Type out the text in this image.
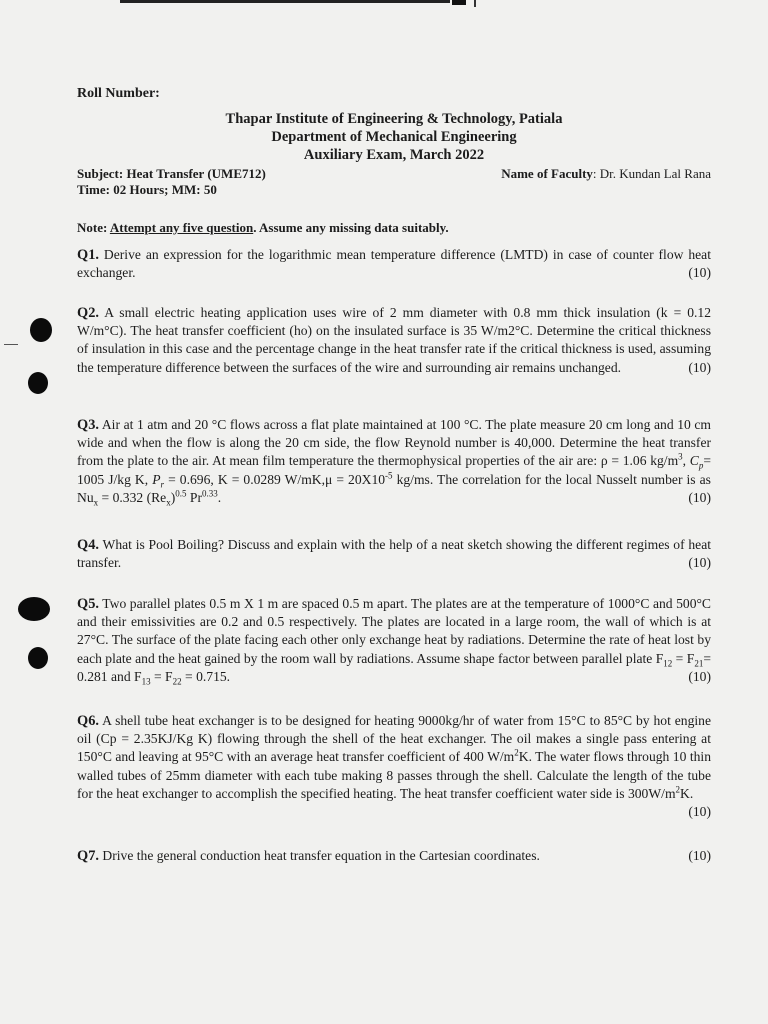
Roll Number:

Thapar Institute of Engineering & Technology, Patiala
Department of Mechanical Engineering
Auxiliary Exam, March 2022
Subject: Heat Transfer (UME712)	Name of Faculty: Dr. Kundan Lal Rana
Time: 02 Hours; MM: 50
Note: Attempt any five question. Assume any missing data suitably.

Q1. Derive an expression for the logarithmic mean temperature difference (LMTD) in case of counter flow heat exchanger.	(10)

Q2. A small electric heating application uses wire of 2 mm diameter with 0.8 mm thick insulation (k = 0.12 W/m°C). The heat transfer coefficient (ho) on the insulated surface is 35 W/m2°C. Determine the critical thickness of insulation in this case and the percentage change in the heat transfer rate if the critical thickness is used, assuming the temperature difference between the surfaces of the wire and surrounding air remains unchanged.	(10)

Q3. Air at 1 atm and 20 °C flows across a flat plate maintained at 100 °C. The plate measure 20 cm long and 10 cm wide and when the flow is along the 20 cm side, the flow Reynold number is 40,000. Determine the heat transfer from the plate to the air. At mean film temperature the thermophysical properties of the air are: ρ = 1.06 $kg/m^3$, $C_p= 1005$ J/kg K, $P_r = 0.696$, K = 0.0289 $W/mK,\mu = 20X10^{-5}$ kg/ms. The correlation for the local Nusselt number is as $Nu_x = 0.332$ $(Re_x)^{0.5}$ $Pr^{0.33}$.	(10)

Q4. What is Pool Boiling? Discuss and explain with the help of a neat sketch showing the different regimes of heat transfer.	(10)

Q5. Two parallel plates 0.5 m X 1 m are spaced 0.5 m apart. The plates are at the temperature of 1000°C and 500°C and their emissivities are 0.2 and 0.5 respectively. The plates are located in a large room, the wall of which is at 27°C. The surface of the plate facing each other only exchange heat by radiations. Determine the rate of heat lost by each plate and the heat gained by the room wall by radiations. Assume shape factor between parallel plate $F_{12} = F_{21}= 0.281$ and $F_{13} = F_{22} = 0.715$.	(10)

Q6. A shell tube heat exchanger is to be designed for heating 9000kg/hr of water from 15°C to 85°C by hot engine oil (Cp = 2.35KJ/Kg K) flowing through the shell of the heat exchanger. The oil makes a single pass entering at 150°C and leaving at 95°C with an average heat transfer coefficient of 400 $W/m^2K$. The water flows through 10 thin walled tubes of 25mm diameter with each tube making 8 passes through the shell. Calculate the length of the tube for the heat exchanger to accomplish the specified heating. The heat transfer coefficient water side is $300W/m^2K$.
(10)

Q7. Drive the general conduction heat transfer equation in the Cartesian coordinates.	(10)
